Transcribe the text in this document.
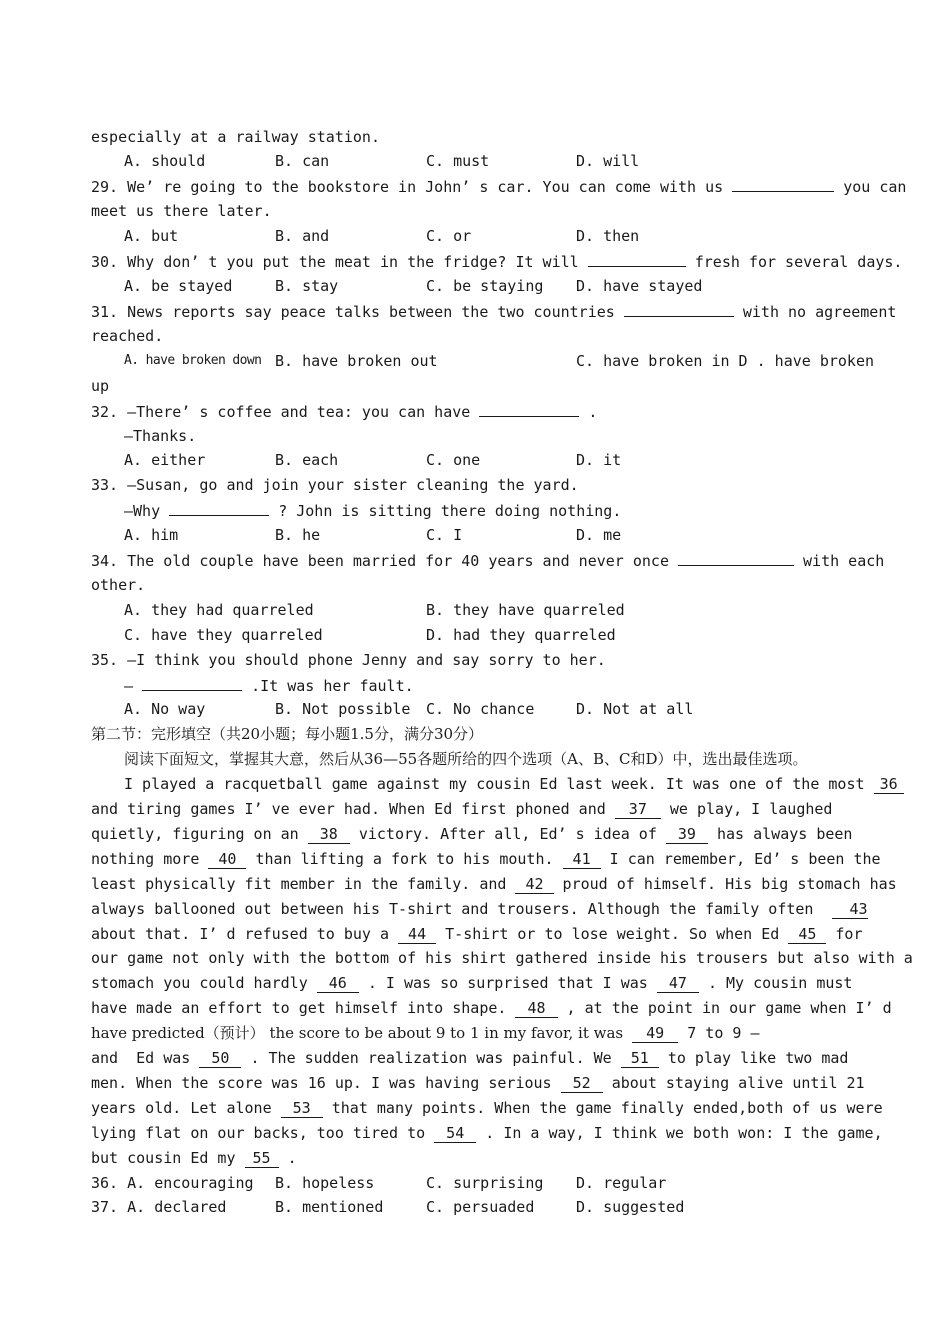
especially at a railway station.

A. should

	B. can

	C. must

	D. will

29. We’ re going to the bookstore in John’ s car. You can come with us	you can
meet us there later.

A. but

	B. and

	C. or

	D. then

30. Why don’ t you put the meat in the fridge? It will	fresh for several days.

A. be stayed

	B. stay

	C. be staying

D. have stayed

31. News reports say peace talks between the two countries	with no agreement
reached.

A. have broken down

B. have broken out

	C. have broken in D . have broken

up
32. —There’ s coffee and tea: you can have	.
—Thanks.

A. either

	B. each

	C. one

	D. it

33. —Susan, go and join your sister cleaning the yard.
—Why	? John is sitting there doing nothing.

A. him

	B. he

	C. I

	D. me

34. The old couple have been married for 40 years and never once	with each
other.

A. they had quarreled

	B. they have quarreled

C. have they quarreled

	D. had they quarreled

35. —I think you should phone Jenny and say sorry to her.
—	.It was her fault.

A. No way

	B. Not possible

C. No chance

	D. Not at all

第二节：完形填空（共20小题；每小题1.5分，满分30分）
阅读下面短文，掌握其大意，然后从36—55各题所给的四个选项（A、B、C和D）中，选出最佳选项。
I played a racquetball game against my cousin Ed last week. It was one of the most 36
and tiring games I’ ve ever had. When Ed first phoned and 37 we play, I laughed
quietly, figuring on an 38 victory. After all, Ed’ s idea of 39 has always been
nothing more 40 than lifting a fork to his mouth. 41 I can remember, Ed’ s been the
least physically fit member in the family. and 42 proud of himself. His big stomach has
always ballooned out between his T-shirt and trousers. Although the family often 43
about that. I’ d refused to buy a 44 T-shirt or to lose weight. So when Ed 45 for
our game not only with the bottom of his shirt gathered inside his trousers but also with a
stomach you could hardly 46 . I was so surprised that I was 47 . My cousin must
have made an effort to get himself into shape. 48 , at the point in our game when I’ d
have predicted（预计） the score to be about 9 to 1 in my favor, it was 49 7 to 9 —
and  Ed was 50 . The sudden realization was painful. We 51 to play like two mad
men. When the score was 16 up. I was having serious 52 about staying alive until 21
years old. Let alone 53 that many points. When the game finally ended,both of us were
lying flat on our backs, too tired to 54 . In a way, I think we both won: I the game,
but cousin Ed my 55 .

36. A. encouraging

B. hopeless

	C. surprising

D. regular

37. A. declared

	B. mentioned

	C. persuaded

	D. suggested
